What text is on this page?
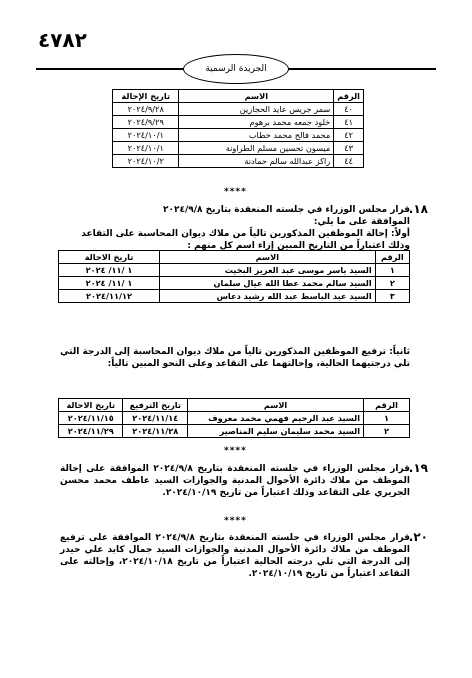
٤٧٨٢
الجريدة الرسمية
الرقم	الاسم	تاريخ الإحالة
٤٠	سمر جريس عايد الحجازين	٢٠٢٤/٩/٢٨
٤١	خلود جمعه محمد برهوم	٢٠٢٤/٩/٢٩
٤٢	محمد فالح محمد خطاب	٢٠٢٤/١٠/١
٤٣	ميسون تحسين مسلم الطراونة	٢٠٢٤/١٠/١
٤٤	راكز عبدالله سالم حمادنة	٢٠٢٤/١٠/٢
****
١٨.
قرار مجلس الوزراء في جلسته المنعقدة بتاريخ ٢٠٢٤/٩/٨
الموافقة على ما يلي:
أولاً: إحالة الموظفين المذكورين تالياً من ملاك ديوان المحاسبة على التقاعد وذلك اعتباراً من التاريخ المبين إزاء اسم كل منهم :
الرقم	الاسم	تاريخ الاحالة
١	السيد ياسر موسى عبد العزيز البخيت	١ /١١/ ٢٠٢٤
٢	السيد سالم محمد عطا الله عيال سلمان	١ /١١/ ٢٠٢٤
٣	السيد عبد الباسط عبد الله رشيد دعاس	٢٠٢٤/١١/١٢
ثانياً: ترفيع الموظفين المذكورين تالياً من ملاك ديوان المحاسبة إلى الدرجة التي تلي درجتيهما الحالية، وإحالتهما على التقاعد وعلى النحو المبين تالياً:
الرقم	الاسم	تاريخ الترفيع	تاريخ الاحالة
١	السيد عبد الرحيم فهمي محمد معروف	٢٠٢٤/١١/١٤	٢٠٢٤/١١/١٥
٢	السيد محمد سليمان سليم المناصير	٢٠٢٤/١١/٢٨	٢٠٢٤/١١/٢٩
****
١٩.
قرار مجلس الوزراء في جلسته المنعقدة بتاريخ ٢٠٢٤/٩/٨ الموافقة على إحالة الموظف من ملاك دائرة الأحوال المدنية والجوازات السيد عاطف محمد محسن الجريري على التقاعد وذلك اعتباراً من تاريخ ٢٠٢٤/١٠/١٩.
****
٢٠.
قرار مجلس الوزراء في جلسته المنعقدة بتاريخ ٢٠٢٤/٩/٨ الموافقة على ترفيع الموظف من ملاك دائرة الأحوال المدنية والجوازات السيد جمال كايد علي حيدر إلى الدرجة التي تلي درجته الحالية اعتباراً من تاريخ ٢٠٢٤/١٠/١٨، وإحالته على التقاعد اعتباراً من تاريخ ٢٠٢٤/١٠/١٩.
